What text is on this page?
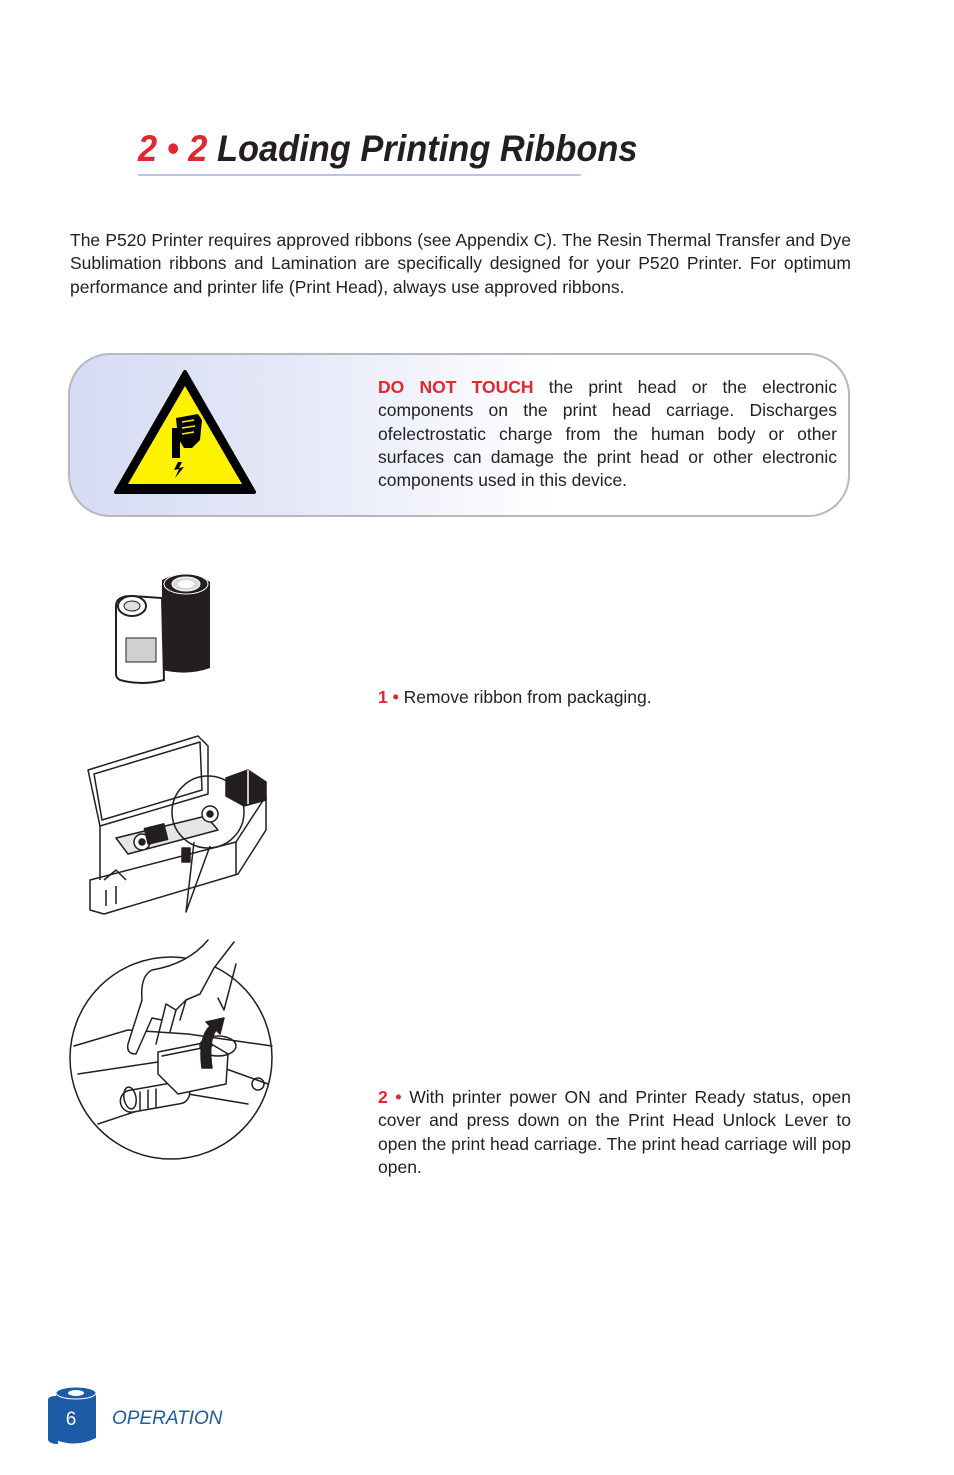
2 • 2 Loading Printing Ribbons
The P520 Printer requires approved ribbons (see Appendix C). The Resin Thermal Transfer and Dye Sublimation ribbons and Lamination are specifically designed for your P520 Printer. For optimum performance and printer life (Print Head), always use approved ribbons.
DO NOT TOUCH the print head or the electronic components on the print head carriage. Discharges ofelectrostatic charge from the human body or other surfaces can damage the print head or other electronic components used in this device.
1 • Remove ribbon from packaging.
2 • With printer power ON and Printer Ready status, open cover and press down on the Print Head Unlock Lever to open the print head carriage. The print head carriage will pop open.
6	OPERATION
